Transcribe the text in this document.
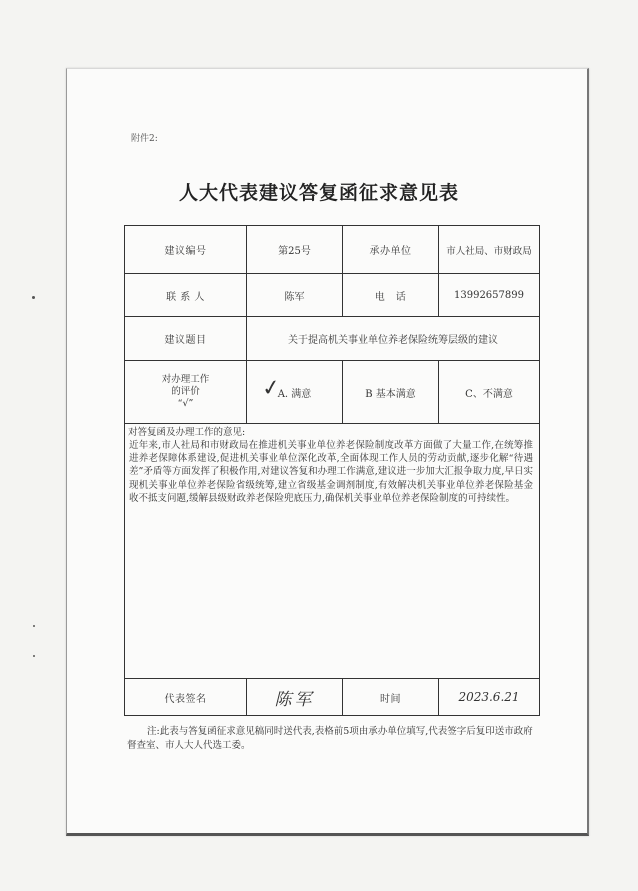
附件2:
人大代表建议答复函征求意见表
建议编号	第25号	承办单位	市人社局、市财政局
联 系 人	陈军	电　话	13992657899
建议题目	关于提高机关事业单位养老保险统筹层级的建议		

对办理工作
的评价
“√”	A. 满意	B 基本满意	C、不满意

对答复函及办理工作的意见:
近年来,市人社局和市财政局在推进机关事业单位养老保险制度改革方面做了大量工作,在统筹推进养老保障体系建设,促进机关事业单位深化改革,全面体现工作人员的劳动贡献,逐步化解“待遇差”矛盾等方面发挥了积极作用,对建议答复和办理工作满意,建议进一步加大汇报争取力度,早日实现机关事业单位养老保险省级统筹,建立省级基金调剂制度,有效解决机关事业单位养老保险基金收不抵支问题,缓解县级财政养老保险兜底压力,确保机关事业单位养老保险制度的可持续性。			

代表签名	陈军	时间	2023.6.21
✓
注:此表与答复函征求意见稿同时送代表,表格前5项由承办单位填写,代表签字后复印送市政府督查室、市人大人代选工委。
